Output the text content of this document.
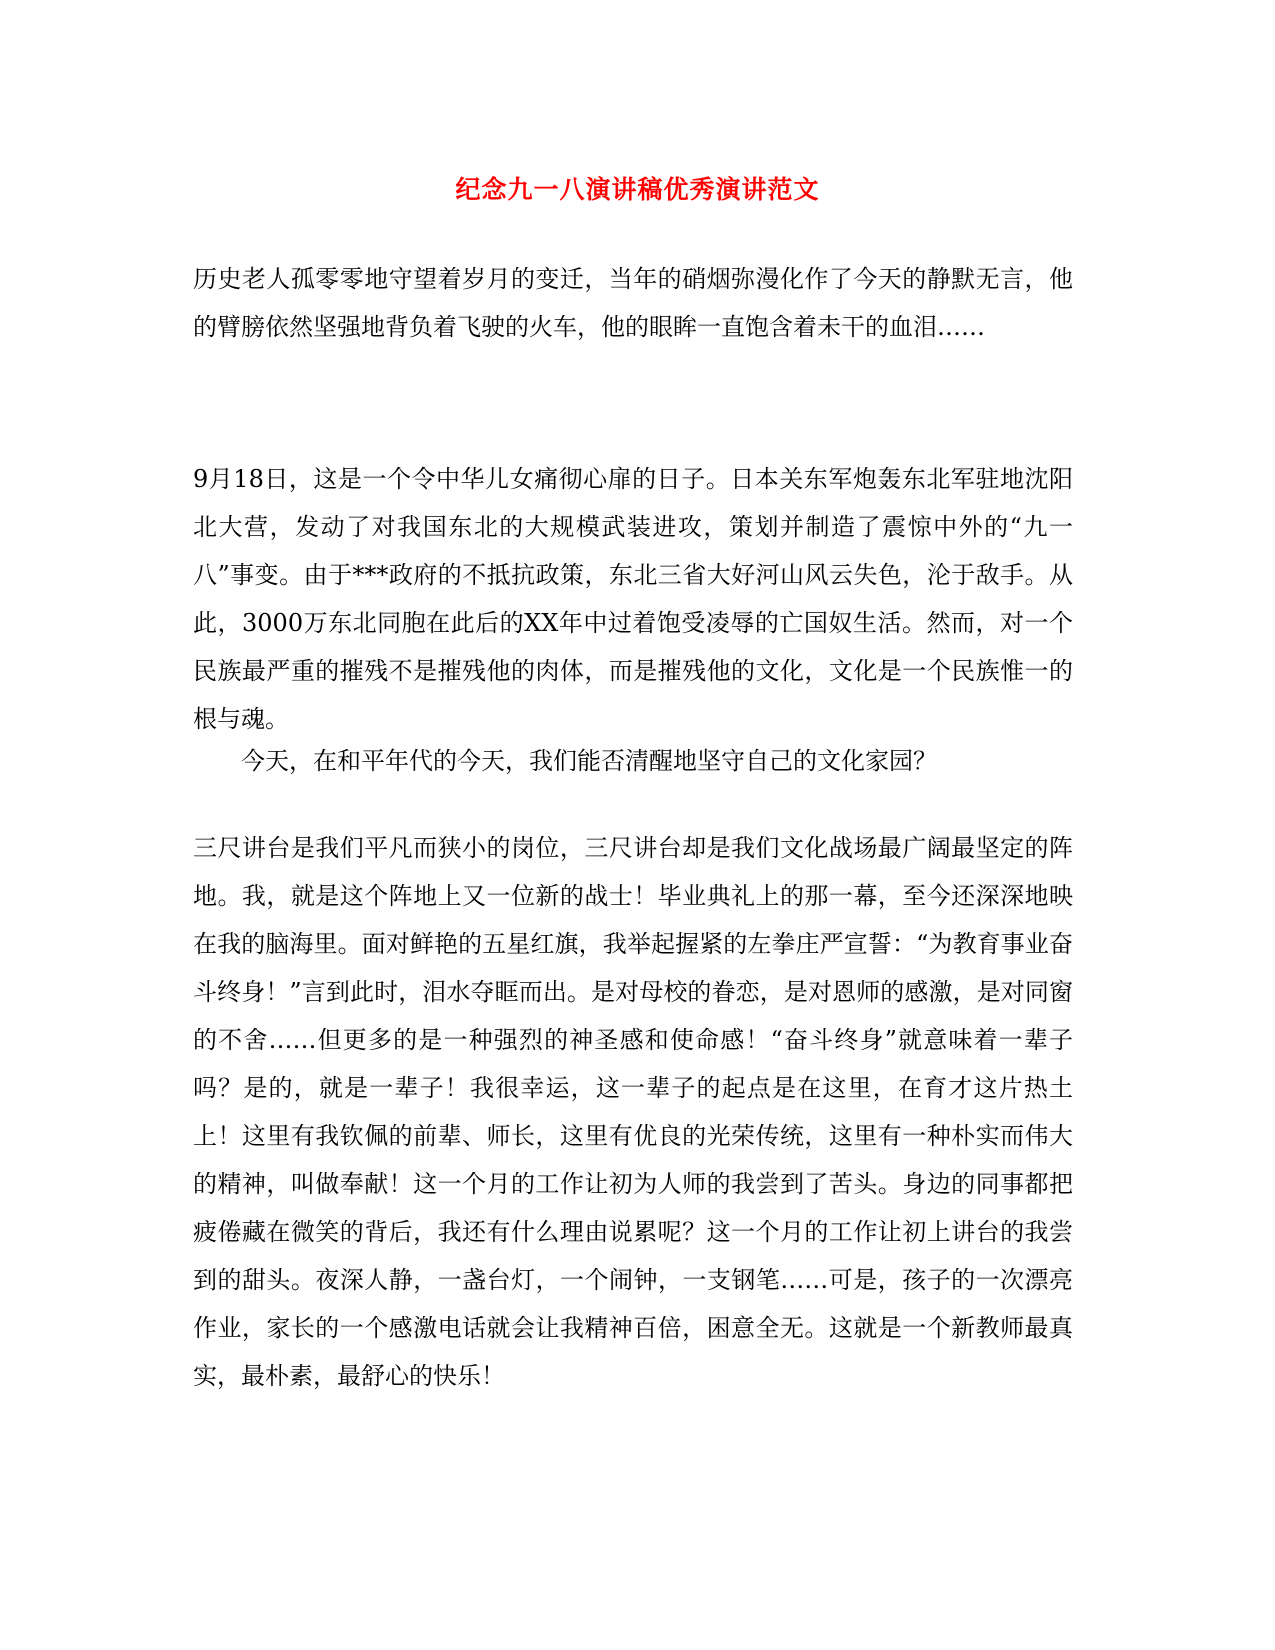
纪念九一八演讲稿优秀演讲范文

历史老人孤零零地守望着岁月的变迁，当年的硝烟弥漫化作了今天的静默无言，他的臂膀依然坚强地背负着飞驶的火车，他的眼眸一直饱含着未干的血泪……

9月18日，这是一个令中华儿女痛彻心扉的日子。日本关东军炮轰东北军驻地沈阳北大营，发动了对我国东北的大规模武装进攻，策划并制造了震惊中外的“九一八”事变。由于***政府的不抵抗政策，东北三省大好河山风云失色，沦于敌手。从此，3000万东北同胞在此后的XX年中过着饱受凌辱的亡国奴生活。然而，对一个民族最严重的摧残不是摧残他的肉体，而是摧残他的文化，文化是一个民族惟一的根与魂。

今天，在和平年代的今天，我们能否清醒地坚守自己的文化家园？

三尺讲台是我们平凡而狭小的岗位，三尺讲台却是我们文化战场最广阔最坚定的阵地。我，就是这个阵地上又一位新的战士！毕业典礼上的那一幕，至今还深深地映在我的脑海里。面对鲜艳的五星红旗，我举起握紧的左拳庄严宣誓：“为教育事业奋斗终身！”言到此时，泪水夺眶而出。是对母校的眷恋，是对恩师的感激，是对同窗的不舍……但更多的是一种强烈的神圣感和使命感！“奋斗终身”就意味着一辈子吗？是的，就是一辈子！我很幸运，这一辈子的起点是在这里，在育才这片热土上！这里有我钦佩的前辈、师长，这里有优良的光荣传统，这里有一种朴实而伟大的精神，叫做奉献！这一个月的工作让初为人师的我尝到了苦头。身边的同事都把疲倦藏在微笑的背后，我还有什么理由说累呢？这一个月的工作让初上讲台的我尝到的甜头。夜深人静，一盏台灯，一个闹钟，一支钢笔……可是，孩子的一次漂亮作业，家长的一个感激电话就会让我精神百倍，困意全无。这就是一个新教师最真实，最朴素，最舒心的快乐！
